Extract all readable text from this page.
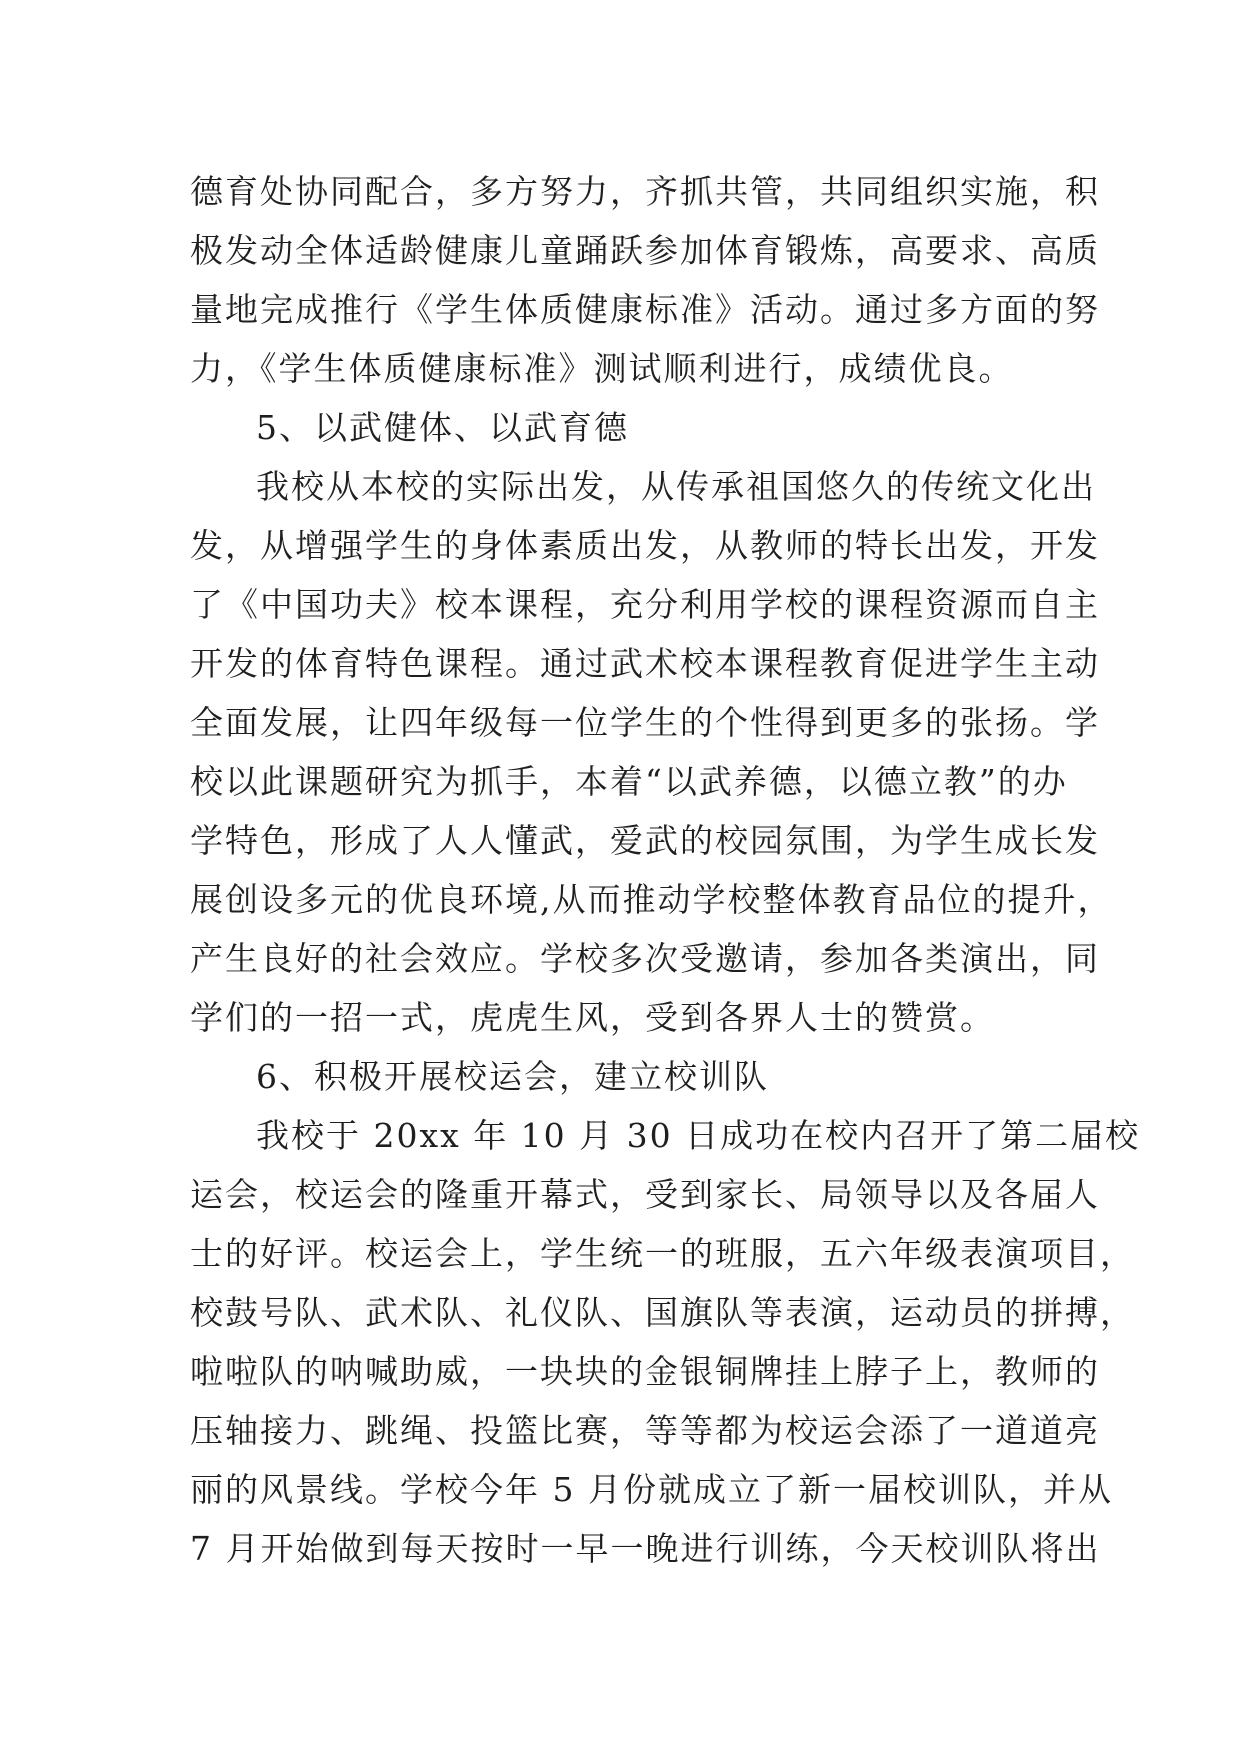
德育处协同配合，多方努力，齐抓共管，共同组织实施，积
极发动全体适龄健康儿童踊跃参加体育锻炼，高要求、高质
量地完成推行《学生体质健康标准》活动。通过多方面的努
力，《学生体质健康标准》测试顺利进行，成绩优良。
5、以武健体、以武育德
我校从本校的实际出发，从传承祖国悠久的传统文化出
发，从增强学生的身体素质出发，从教师的特长出发，开发
了《中国功夫》校本课程，充分利用学校的课程资源而自主
开发的体育特色课程。通过武术校本课程教育促进学生主动
全面发展，让四年级每一位学生的个性得到更多的张扬。学
校以此课题研究为抓手，本着“以武养德，以德立教”的办
学特色，形成了人人懂武，爱武的校园氛围，为学生成长发
展创设多元的优良环境,从而推动学校整体教育品位的提升，
产生良好的社会效应。学校多次受邀请，参加各类演出，同
学们的一招一式，虎虎生风，受到各界人士的赞赏。
6、积极开展校运会，建立校训队
我校于 20xx 年 10 月 30 日成功在校内召开了第二届校
运会，校运会的隆重开幕式，受到家长、局领导以及各届人
士的好评。校运会上，学生统一的班服，五六年级表演项目，
校鼓号队、武术队、礼仪队、国旗队等表演，运动员的拼搏，
啦啦队的呐喊助威，一块块的金银铜牌挂上脖子上，教师的
压轴接力、跳绳、投篮比赛，等等都为校运会添了一道道亮
丽的风景线。学校今年 5 月份就成立了新一届校训队，并从
7 月开始做到每天按时一早一晚进行训练，今天校训队将出
